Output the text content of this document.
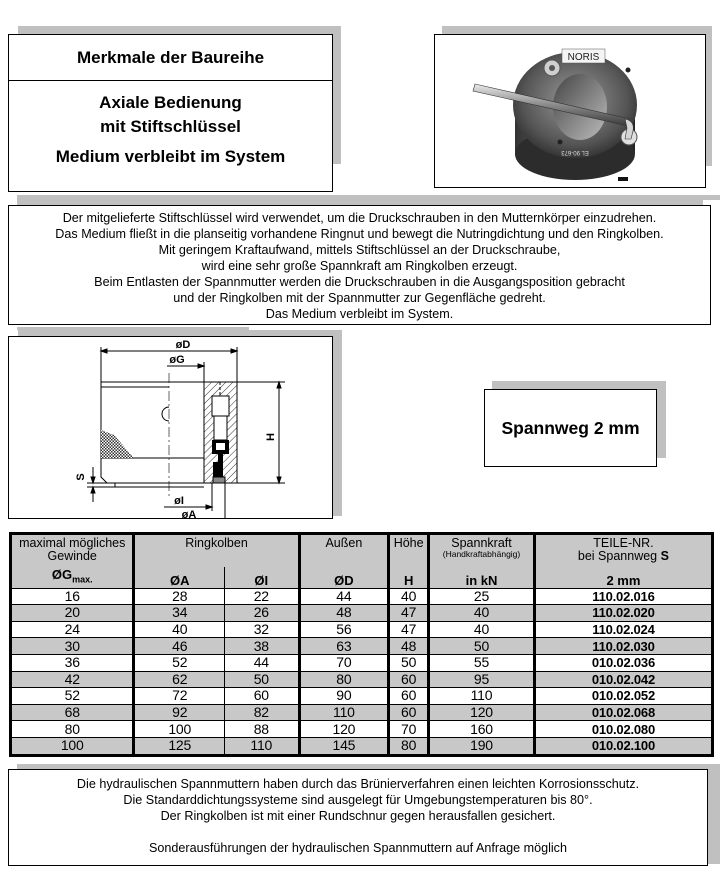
Merkmale der Baureihe
Axiale Bedienung
mit Stiftschlüssel
Medium verbleibt im System
NORIS
EL 90-673
Der mitgelieferte Stiftschlüssel wird verwendet, um die Druckschrauben in den Mutternkörper einzudrehen.
Das Medium fließt in die planseitig vorhandene Ringnut und bewegt die Nutringdichtung und den Ringkolben.
Mit geringem Kraftaufwand, mittels Stiftschlüssel an der Druckschraube,
wird eine sehr große Spannkraft am Ringkolben erzeugt.
Beim Entlasten der Spannmutter werden die Druckschrauben in die Ausgangsposition gebracht
und der Ringkolben mit der Spannmutter zur Gegenfläche gedreht.
Das Medium verbleibt im System.
øD
øG
H
S
øI
øA
Spannweg 2 mm
maximal mögliches Gewinde	Ringkolben		Außen	Höhe	Spannkraft
(Handkraftabhängig)	TEILE-NR.
bei Spannweg S
$ØG_{max.}$	ØA	ØI	ØD	H	in kN	2 mm
16	28	22	44	40	25	110.02.016
20	34	26	48	47	40	110.02.020
24	40	32	56	47	40	110.02.024
30	46	38	63	48	50	110.02.030
36	52	44	70	50	55	010.02.036
42	62	50	80	60	95	010.02.042
52	72	60	90	60	110	010.02.052
68	92	82	110	60	120	010.02.068
80	100	88	120	70	160	010.02.080
100	125	110	145	80	190	010.02.100
Die hydraulischen Spannmuttern haben durch das Brünierverfahren einen leichten Korrosionsschutz.
Die Standarddichtungssysteme sind ausgelegt für Umgebungstemperaturen bis 80°.
Der Ringkolben ist mit einer Rundschnur gegen herausfallen gesichert.
Sonderausführungen der hydraulischen Spannmuttern auf Anfrage möglich
